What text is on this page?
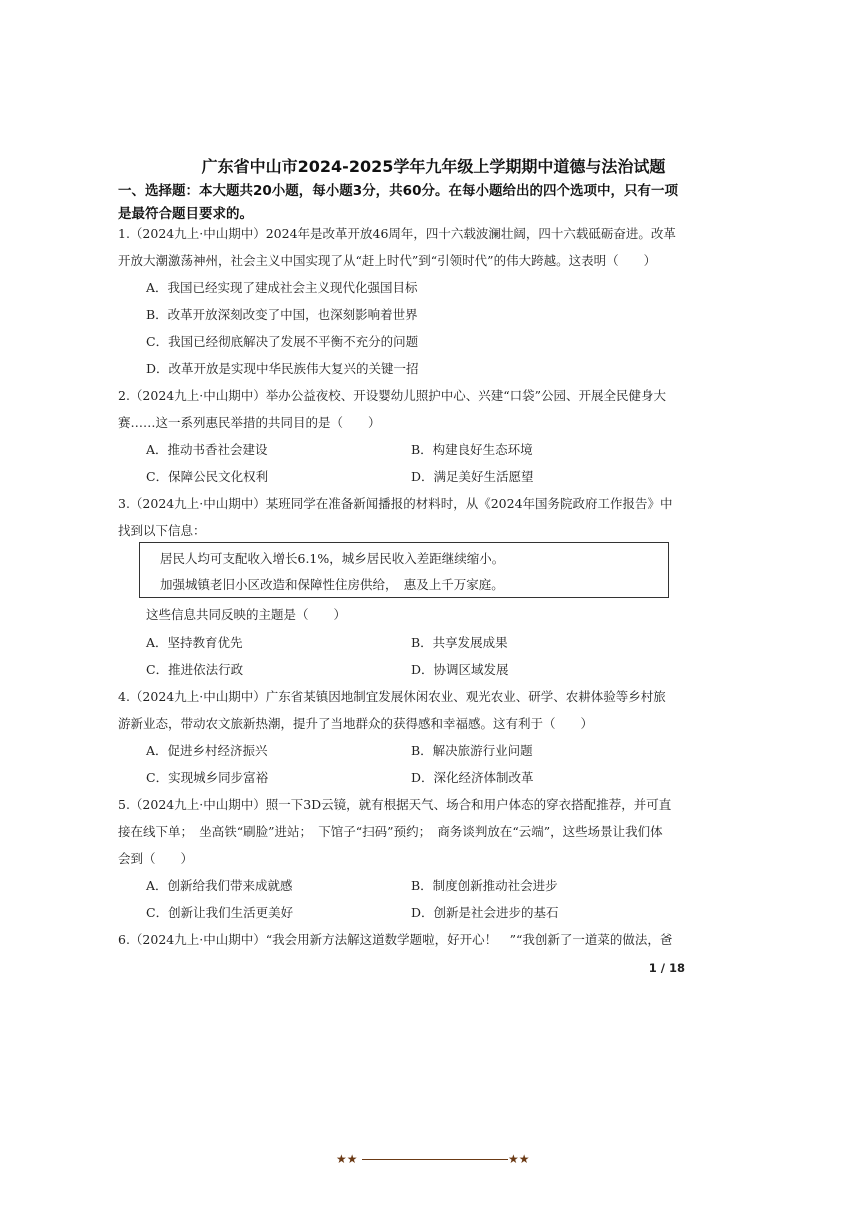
广东省中山市2024-2025学年九年级上学期期中道德与法治试题
一、选择题：本大题共20小题，每小题3分，共60分。在每小题给出的四个选项中，只有一项是最符合题目要求的。
1.（2024九上·中山期中）2024年是改革开放46周年，四十六载波澜壮阔，四十六载砥砺奋进。改革
开放大潮激荡神州，社会主义中国实现了从“赶上时代”到“引领时代”的伟大跨越。这表明（　　）
A．我国已经实现了建成社会主义现代化强国目标
B．改革开放深刻改变了中国，也深刻影响着世界
C．我国已经彻底解决了发展不平衡不充分的问题
D．改革开放是实现中华民族伟大复兴的关键一招
2.（2024九上·中山期中）举办公益夜校、开设婴幼儿照护中心、兴建“口袋”公园、开展全民健身大
赛……这一系列惠民举措的共同目的是（　　）
A．推动书香社会建设	B．构建良好生态环境
C．保障公民文化权利	D．满足美好生活愿望
3.（2024九上·中山期中）某班同学在准备新闻播报的材料时，从《2024年国务院政府工作报告》中
找到以下信息：
居民人均可支配收入增长6.1%，城乡居民收入差距继续缩小。
加强城镇老旧小区改造和保障性住房供给，　惠及上千万家庭。
这些信息共同反映的主题是（　　）
A．坚持教育优先	B．共享发展成果
C．推进依法行政	D．协调区域发展
4.（2024九上·中山期中）广东省某镇因地制宜发展休闲农业、观光农业、研学、农耕体验等乡村旅
游新业态，带动农文旅新热潮，提升了当地群众的获得感和幸福感。这有利于（　　）
A．促进乡村经济振兴	B．解决旅游行业问题
C．实现城乡同步富裕	D．深化经济体制改革
5.（2024九上·中山期中）照一下3D云镜，就有根据天气、场合和用户体态的穿衣搭配推荐，并可直
接在线下单；　坐高铁“刷脸”进站；　下馆子“扫码”预约；　商务谈判放在“云端”，这些场景让我们体
会到（　　）
A．创新给我们带来成就感	B．制度创新推动社会进步
C．创新让我们生活更美好	D．创新是社会进步的基石
6.（2024九上·中山期中）“我会用新方法解这道数学题啦，好开心！　”“我创新了一道菜的做法，爸
1 / 18
★★	★★
